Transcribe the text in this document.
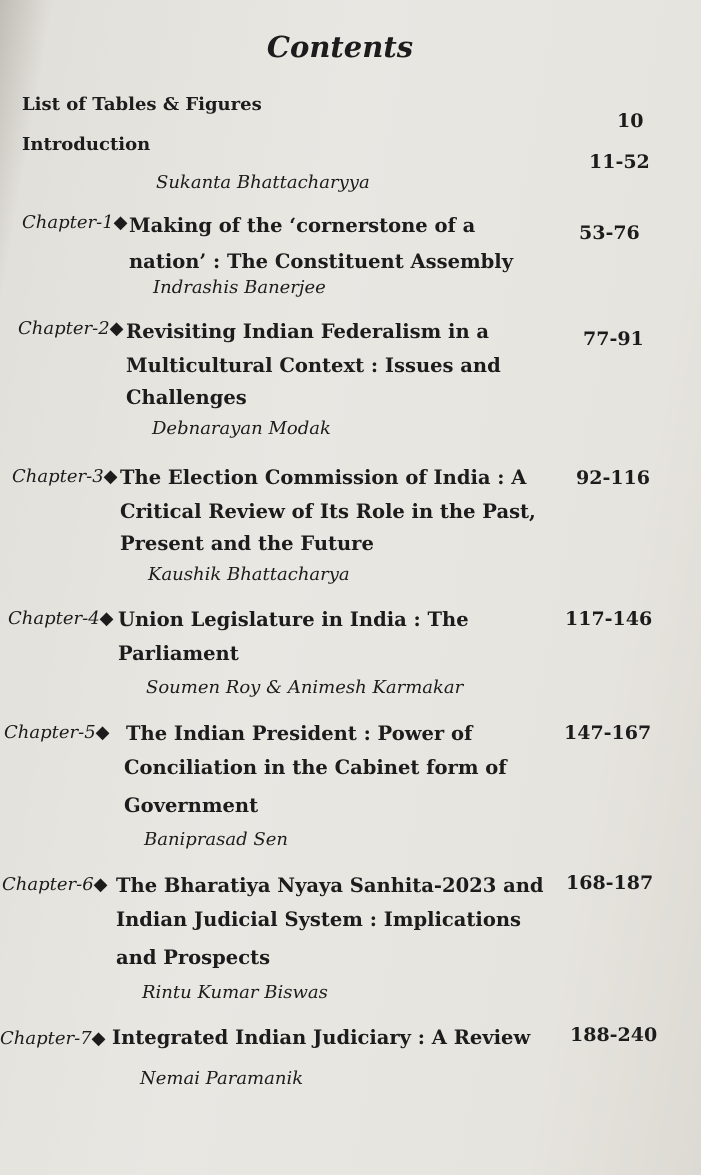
Contents
List of Tables & Figures
10
Introduction
11-52
Sukanta Bhattacharyya
Chapter-1◆ Making of the ‘cornerstone of a
nation’ : The Constituent Assembly
53-76
Indrashis Banerjee
Chapter-2◆ Revisiting Indian Federalism in a
Multicultural Context : Issues and
Challenges
77-91
Debnarayan Modak
Chapter-3◆ The Election Commission of India : A
Critical Review of Its Role in the Past,
Present and the Future
92-116
Kaushik Bhattacharya
Chapter-4◆ Union Legislature in India : The
Parliament
117-146
Soumen Roy & Animesh Karmakar
Chapter-5◆ The Indian President : Power of
Conciliation in the Cabinet form of
Government
147-167
Baniprasad Sen
Chapter-6◆ The Bharatiya Nyaya Sanhita-2023 and
Indian Judicial System : Implications
and Prospects
168-187
Rintu Kumar Biswas
Chapter-7◆ Integrated Indian Judiciary : A Review 188-240
Nemai Paramanik
